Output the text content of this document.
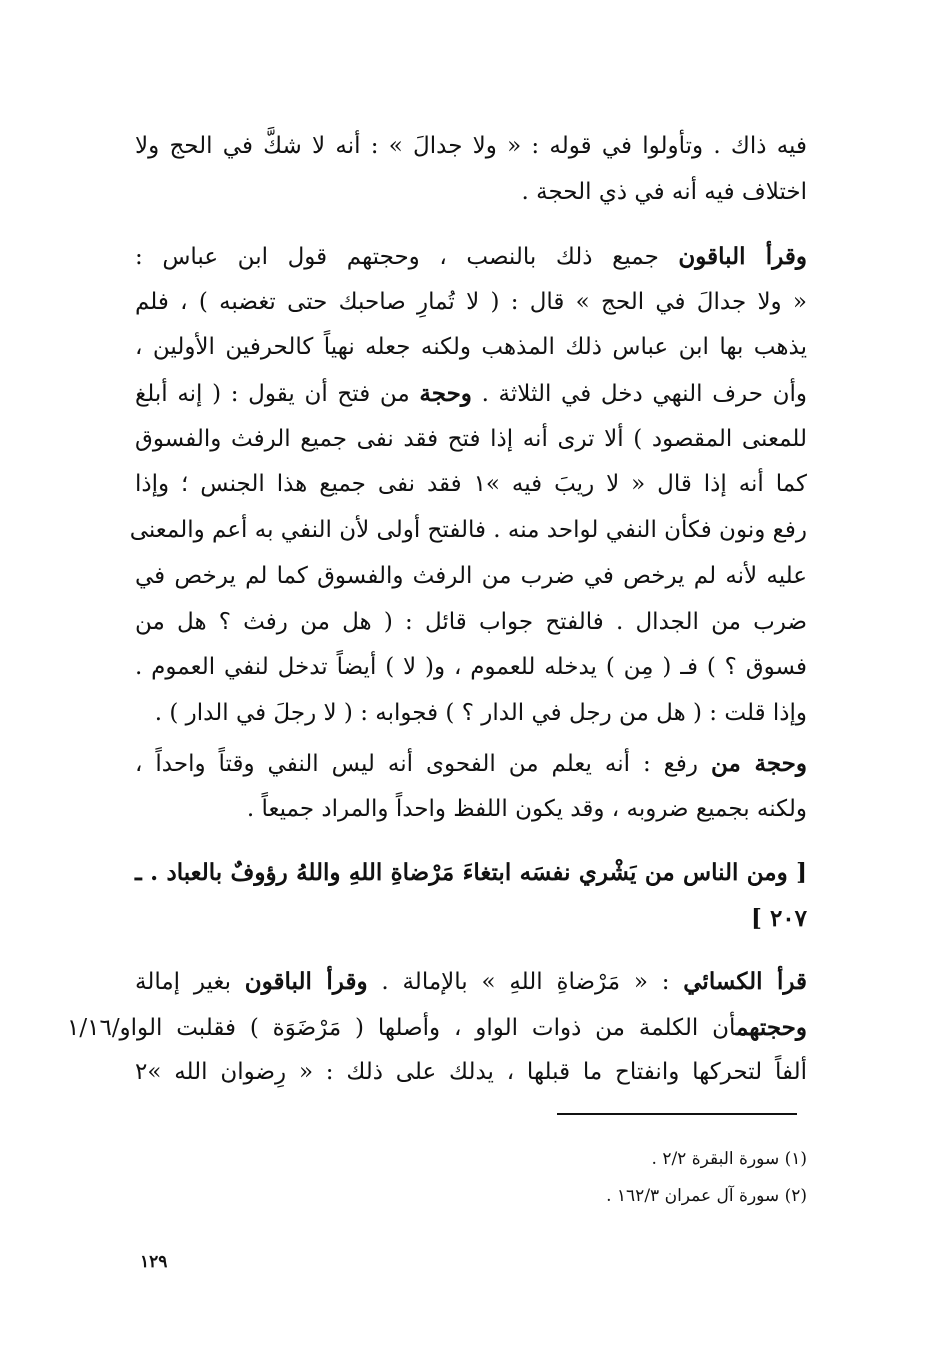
فيه ذاك . وتأولوا في قوله : « ولا جدالَ » : أنه لا شكَّ في الحج ولا
اختلاف فيه أنه في ذي الحجة .
وقرأ الباقون جميع ذلك بالنصب ، وحجتهم قول ابن عباس :
« ولا جدالَ في الحج » قال : ( لا تُمارِ صاحبك حتى تغضبه ) ، فلم
يذهب بها ابن عباس ذلك المذهب ولكنه جعله نهياً كالحرفين الأولين ،
وأن حرف النهي دخل في الثلاثة . وحجة من فتح أن يقول : ( إنه أبلغ
للمعنى المقصود ) ألا ترى أنه إذا فتح فقد نفى جميع الرفث والفسوق
كما أنه إذا قال « لا ريبَ فيه »١ فقد نفى جميع هذا الجنس ؛ وإذا
رفع ونون فكأن النفي لواحد منه . فالفتح أولى لأن النفي به أعم والمعنى
عليه لأنه لم يرخص في ضرب من الرفث والفسوق كما لم يرخص في
ضرب من الجدال . فالفتح جواب قائل : ( هل من رفث ؟ هل من
فسوق ؟ ) فـ ( مِن ) يدخله للعموم ، و( لا ) أيضاً تدخل لنفي العموم .
وإذا قلت : ( هل من رجل في الدار ؟ ) فجوابه : ( لا رجلَ في الدار ) .
وحجة من رفع : أنه يعلم من الفحوى أنه ليس النفي وقتاً واحداً ،
ولكنه بجميع ضروبه ، وقد يكون اللفظ واحداً والمراد جميعاً .
[ ومن الناس من يَشْري نفسَه ابتغاءَ مَرْضاةِ اللهِ واللهُ رؤوفٌ بالعباد . ـ
٢٠٧ ]
قرأ الكسائي : « مَرْضاةِ اللهِ » بالإمالة . وقرأ الباقون بغير إمالة
وحجتهمأن الكلمة من ذوات الواو ، وأصلها ( مَرْضَوَة ) فقلبت الواو/١/١٦
ألفاً لتحركها وانفتاح ما قبلها ، يدلك على ذلك : « رِضوان الله »٢
(١) سورة البقرة ٢/٢ .
(٢) سورة آل عمران ١٦٢/٣ .
١٢٩
